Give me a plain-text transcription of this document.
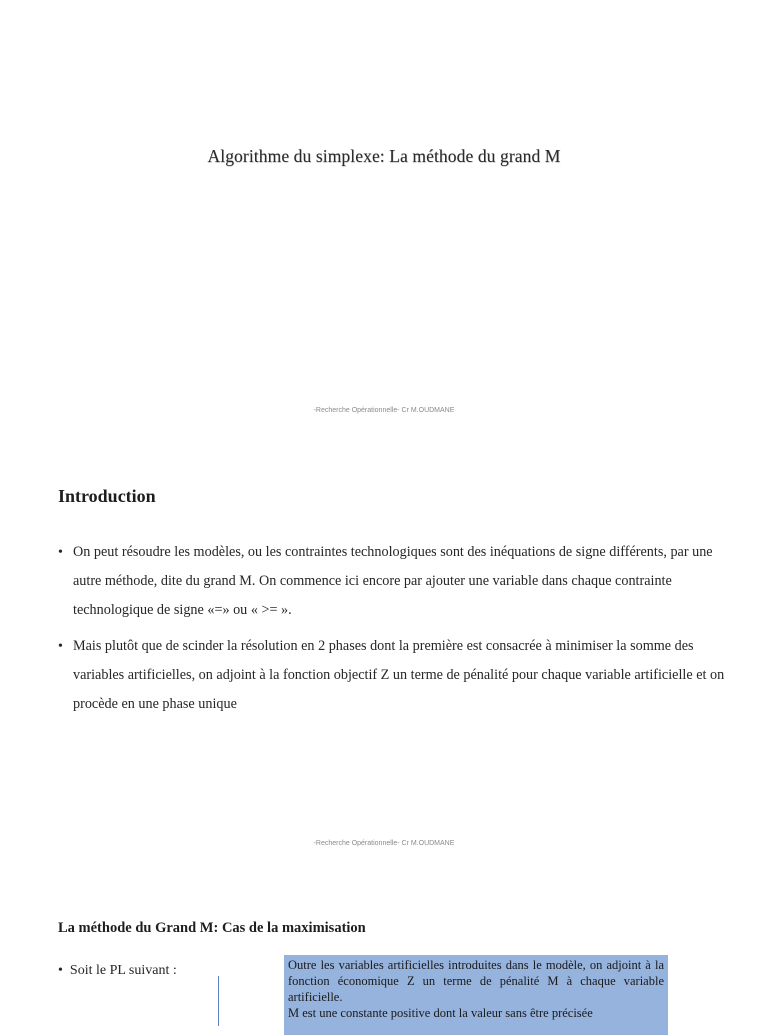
Algorithme du simplexe: La méthode du grand M
-Recherche Opérationnelle- Cr M.OUDMANE
Introduction
• On peut résoudre les modèles, ou les contraintes technologiques sont des inéquations de signe différents, par une autre méthode, dite du grand M. On commence ici encore par ajouter une variable dans chaque contrainte technologique de signe «=» ou « >= ».
• Mais plutôt que de scinder la résolution en 2 phases dont la première est consacrée à minimiser la somme des variables artificielles, on adjoint à la fonction objectif Z un terme de pénalité pour chaque variable artificielle et on procède en une phase unique
-Recherche Opérationnelle- Cr M.OUDMANE
La méthode du Grand M: Cas de la maximisation
• Soit le PL suivant :	Outre les variables artificielles introduites dans le modèle, on adjoint à la fonction économique Z un terme de pénalité M à chaque variable artificielle.

M est une constante positive dont la valeur sans être précisée
